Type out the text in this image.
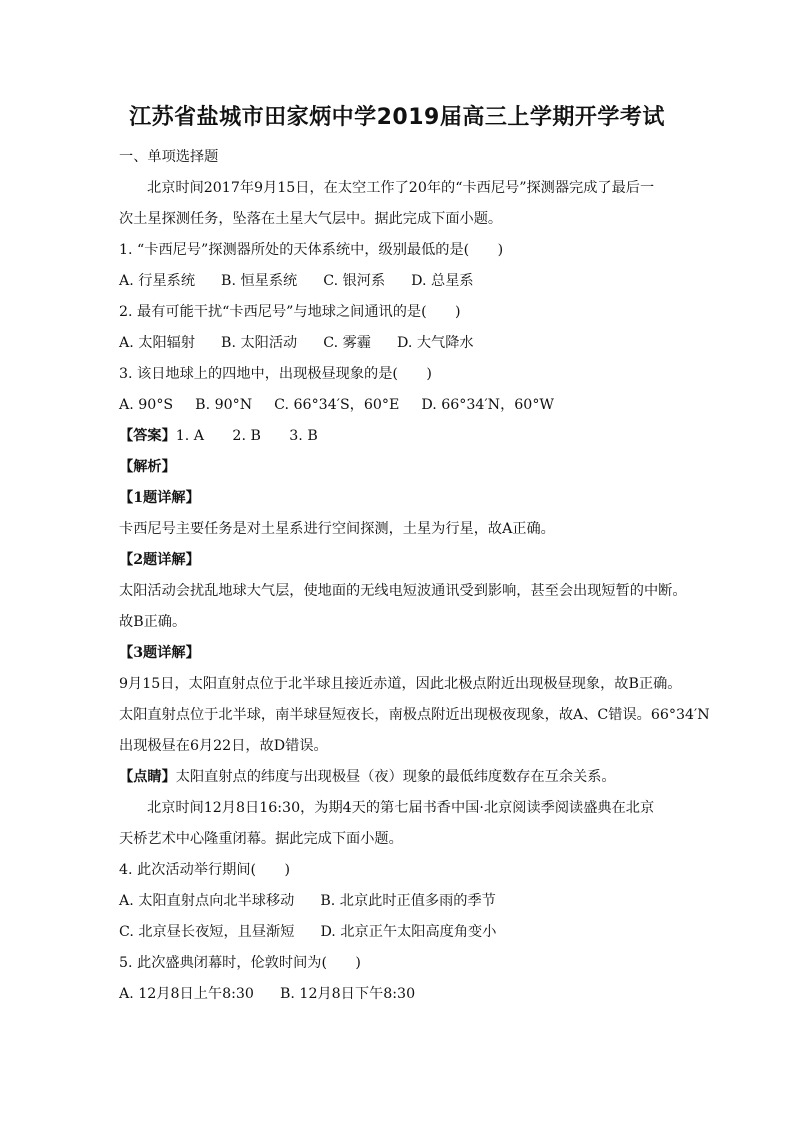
江苏省盐城市田家炳中学2019届高三上学期开学考试
一、单项选择题
北京时间2017年9月15日，在太空工作了20年的“卡西尼号”探测器完成了最后一
次土星探测任务，坠落在土星大气层中。据此完成下面小题。
1. “卡西尼号”探测器所处的天体系统中，级别最低的是(　　)
A. 行星系统 B. 恒星系统 C. 银河系 D. 总星系
2. 最有可能干扰“卡西尼号”与地球之间通讯的是(　　)
A. 太阳辐射 B. 太阳活动 C. 雾霾 D. 大气降水
3. 该日地球上的四地中，出现极昼现象的是(　　)
A. 90°S B. 90°N C. 66°34′S，60°E D. 66°34′N，60°W
【答案】1. A　　2. B　　3. B
【解析】
【1题详解】
卡西尼号主要任务是对土星系进行空间探测，土星为行星，故A正确。
【2题详解】
太阳活动会扰乱地球大气层，使地面的无线电短波通讯受到影响，甚至会出现短暂的中断。
故B正确。
【3题详解】
9月15日，太阳直射点位于北半球且接近赤道，因此北极点附近出现极昼现象，故B正确。
太阳直射点位于北半球，南半球昼短夜长，南极点附近出现极夜现象，故A、C错误。66°34′N
出现极昼在6月22日，故D错误。
【点睛】太阳直射点的纬度与出现极昼（夜）现象的最低纬度数存在互余关系。
北京时间12月8日16:30，为期4天的第七届书香中国·北京阅读季阅读盛典在北京
天桥艺术中心隆重闭幕。据此完成下面小题。
4. 此次活动举行期间(　　)
A. 太阳直射点向北半球移动 B. 北京此时正值多雨的季节
C. 北京昼长夜短，且昼渐短 D. 北京正午太阳高度角变小
5. 此次盛典闭幕时，伦敦时间为(　　)
A. 12月8日上午8:30 B. 12月8日下午8:30
